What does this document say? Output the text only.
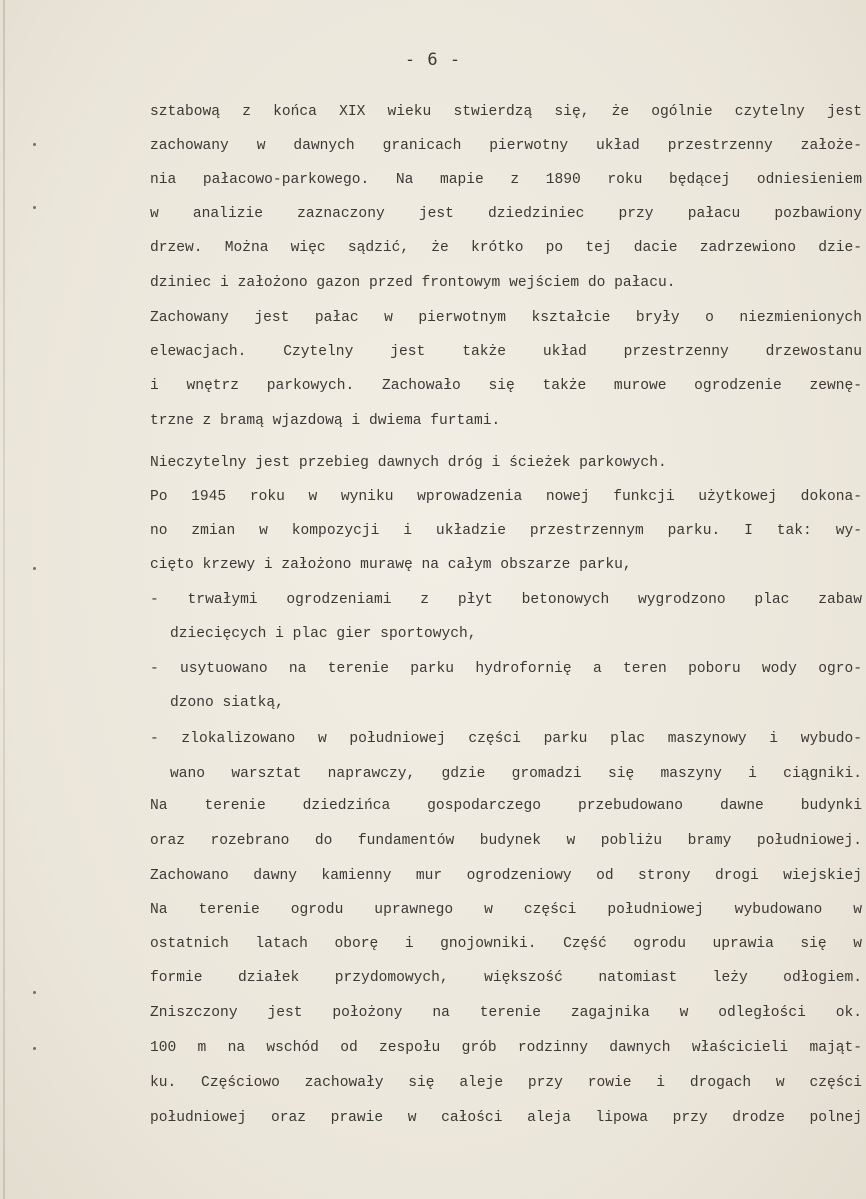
- 6 -
sztabową z końca XIX wieku stwierdzą się, że ogólnie czytelny jest
zachowany w dawnych granicach pierwotny układ przestrzenny założe-
nia pałacowo-parkowego. Na mapie z 1890 roku będącej odniesieniem
w analizie zaznaczony jest dziedziniec przy pałacu pozbawiony
drzew. Można więc sądzić, że krótko po tej dacie zadrzewiono dzie-
dziniec i założono gazon przed frontowym wejściem do pałacu.
Zachowany jest pałac w pierwotnym kształcie bryły o niezmienionych
elewacjach. Czytelny jest także układ przestrzenny drzewostanu
i wnętrz parkowych. Zachowało się także murowe ogrodzenie zewnę-
trzne z bramą wjazdową i dwiema furtami.
Nieczytelny jest przebieg dawnych dróg i ścieżek parkowych.
Po 1945 roku w wyniku wprowadzenia nowej funkcji użytkowej dokona-
no zmian w kompozycji i układzie przestrzennym parku. I tak: wy-
cięto krzewy i założono murawę na całym obszarze parku,
- trwałymi ogrodzeniami z płyt betonowych wygrodzono plac zabaw
dziecięcych i plac gier sportowych,
- usytuowano na terenie parku hydrofornię a teren poboru wody ogro-
dzono siatką,
- zlokalizowano w południowej części parku plac maszynowy i wybudo-
wano warsztat naprawczy, gdzie gromadzi się maszyny i ciągniki.
Na terenie dziedzińca gospodarczego przebudowano dawne budynki
oraz rozebrano do fundamentów budynek w pobliżu bramy południowej.
Zachowano dawny kamienny mur ogrodzeniowy od strony drogi wiejskiej
Na terenie ogrodu uprawnego w części południowej wybudowano w
ostatnich latach oborę i gnojowniki. Część ogrodu uprawia się w
formie działek przydomowych, większość natomiast leży odłogiem.
Zniszczony jest położony na terenie zagajnika w odległości ok.
100 m na wschód od zespołu grób rodzinny dawnych właścicieli mająt-
ku. Częściowo zachowały się aleje przy rowie i drogach w części
południowej oraz prawie w całości aleja lipowa przy drodze polnej
